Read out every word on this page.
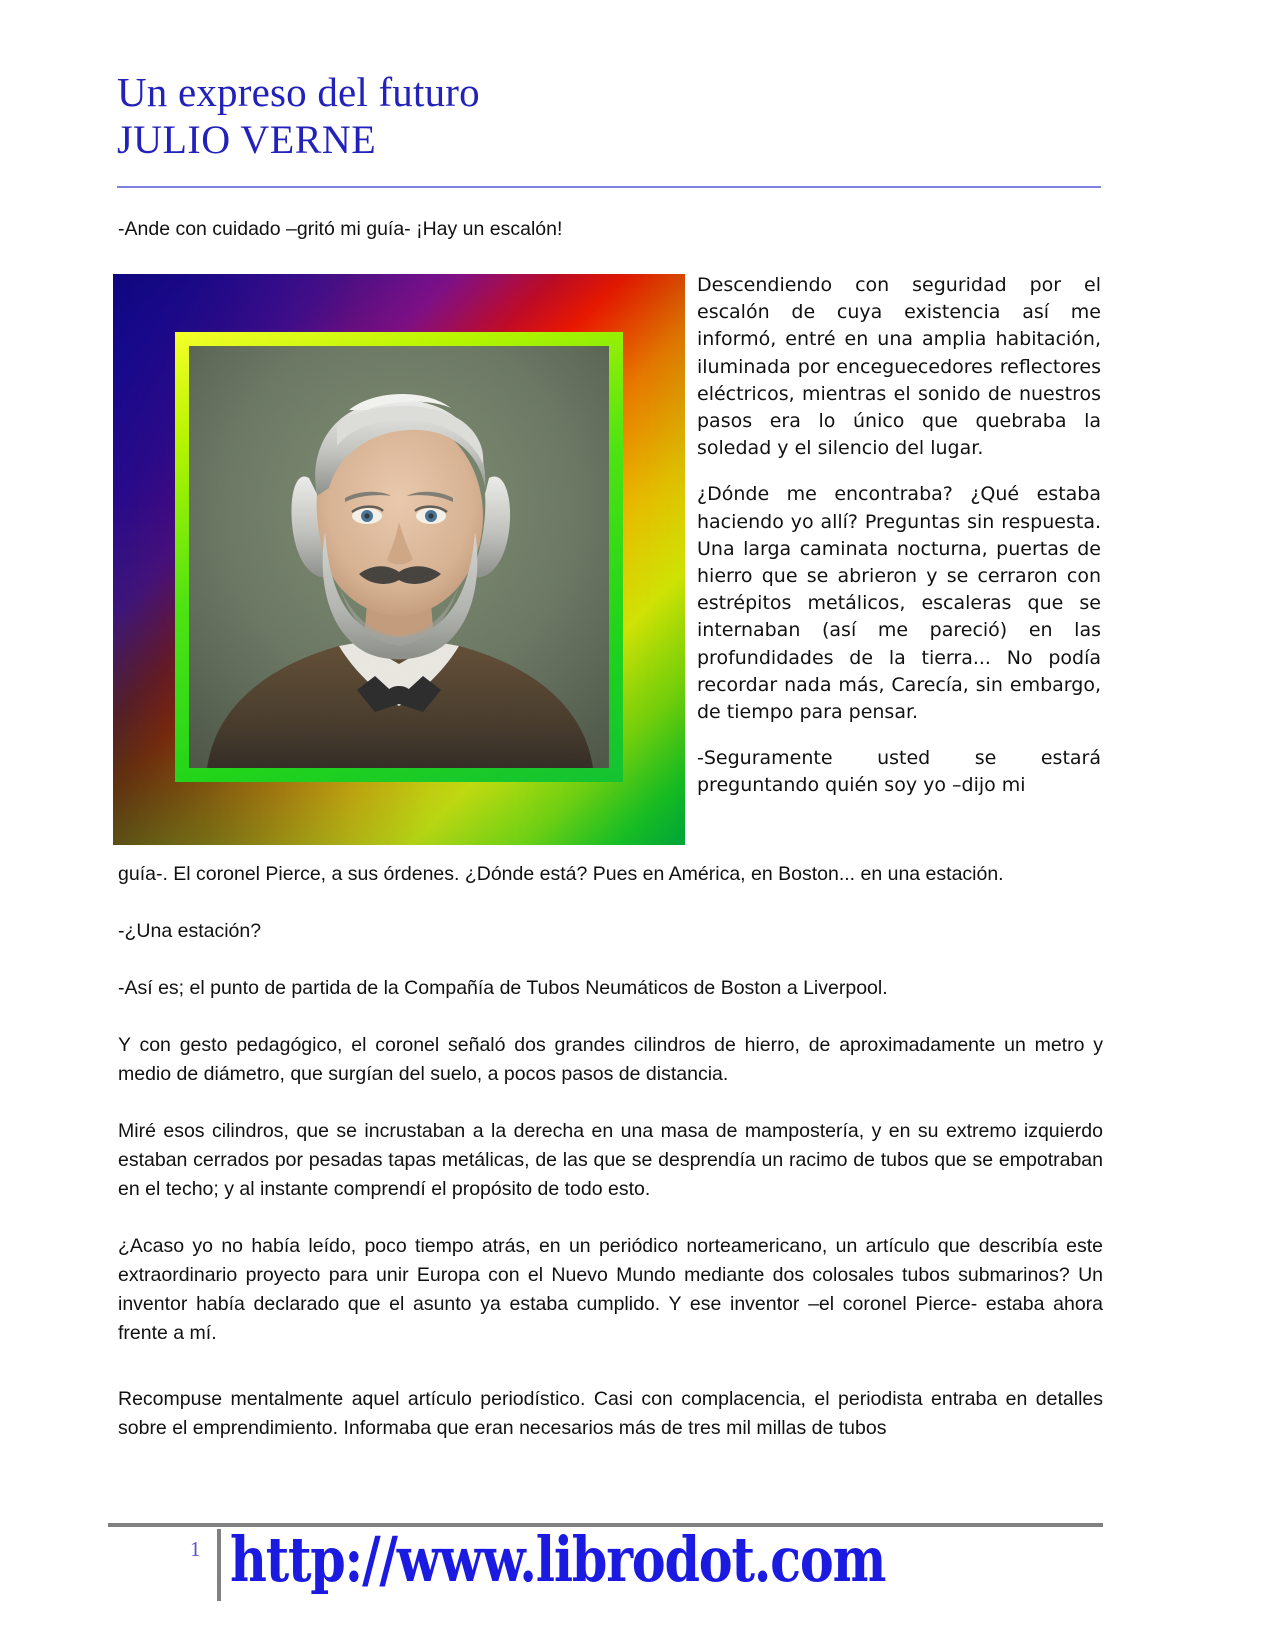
Un expreso del futuro
JULIO VERNE

-Ande con cuidado –gritó mi guía- ¡Hay un escalón!

Descendiendo con seguridad por el escalón de cuya existencia así me informó, entré en una amplia habitación, iluminada por enceguecedores reflectores eléctricos, mientras el sonido de nuestros pasos era lo único que quebraba la soledad y el silencio del lugar.

¿Dónde me encontraba? ¿Qué estaba haciendo yo allí? Preguntas sin respuesta. Una larga caminata nocturna, puertas de hierro que se abrieron y se cerraron con estrépitos metálicos, escaleras que se internaban (así me pareció) en las profundidades de la tierra... No podía recordar nada más, Carecía, sin embargo, de tiempo para pensar.

-Seguramente usted se estará preguntando quién soy yo –dijo mi

guía-. El coronel Pierce, a sus órdenes. ¿Dónde está? Pues en América, en Boston... en una estación.

-¿Una estación?

-Así es; el punto de partida de la Compañía de Tubos Neumáticos de Boston a Liverpool.

Y con gesto pedagógico, el coronel señaló dos grandes cilindros de hierro, de aproximadamente un metro y medio de diámetro, que surgían del suelo, a pocos pasos de distancia.

Miré esos cilindros, que se incrustaban a la derecha en una masa de mampostería, y en su extremo izquierdo estaban cerrados por pesadas tapas metálicas, de las que se desprendía un racimo de tubos que se empotraban en el techo; y al instante comprendí el propósito de todo esto.

¿Acaso yo no había leído, poco tiempo atrás, en un periódico norteamericano, un artículo que describía este extraordinario proyecto para unir Europa con el Nuevo Mundo mediante dos colosales tubos submarinos? Un inventor había declarado que el asunto ya estaba cumplido. Y ese inventor –el coronel Pierce- estaba ahora frente a mí.

Recompuse mentalmente aquel artículo periodístico. Casi con complacencia, el periodista entraba en detalles sobre el emprendimiento. Informaba que eran necesarios más de tres mil millas de tubos

1 http://www.librodot.com
